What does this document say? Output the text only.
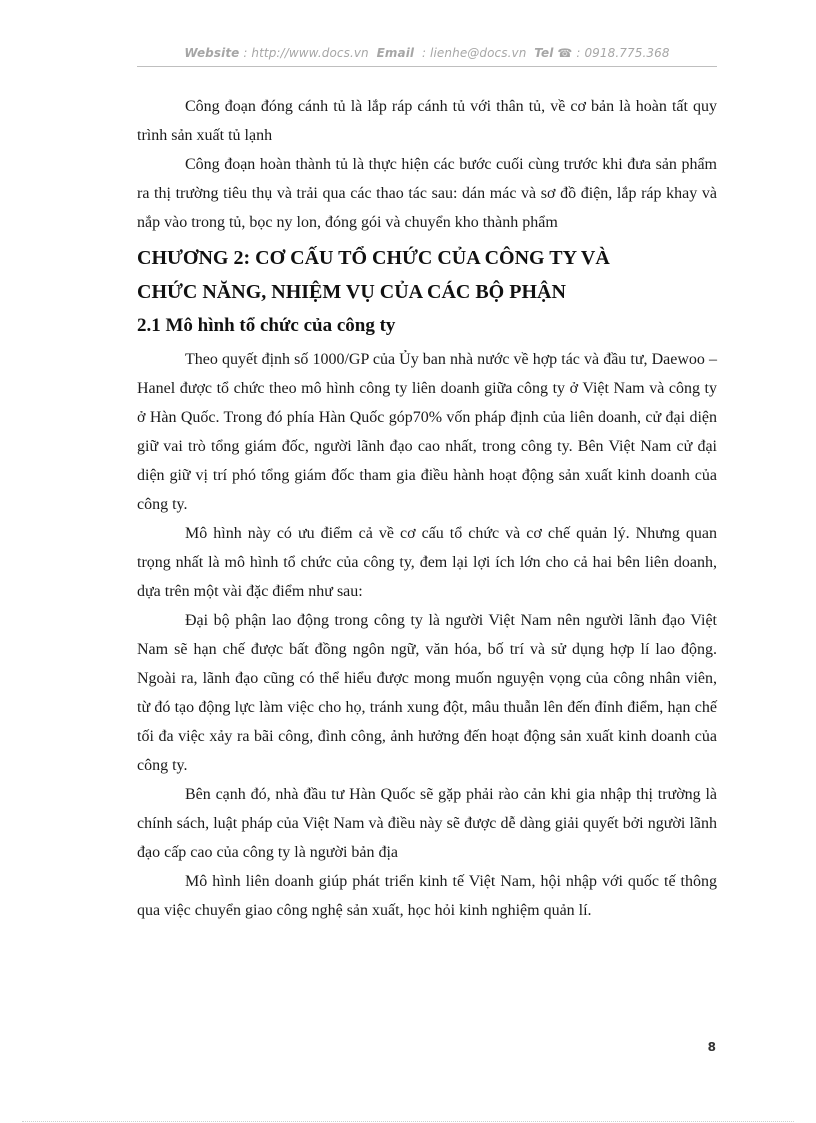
Website : http://www.docs.vn Email : lienhe@docs.vn Tel ☎ : 0918.775.368

Công đoạn đóng cánh tủ là lắp ráp cánh tủ với thân tủ, về cơ bản là hoàn tất quy trình sản xuất tủ lạnh

Công đoạn hoàn thành tủ là thực hiện các bước cuối cùng trước khi đưa sản phẩm ra thị trường tiêu thụ và trải qua các thao tác sau: dán mác và sơ đồ điện, lắp ráp khay và nắp vào trong tủ, bọc ny lon, đóng gói và chuyển kho thành phẩm

CHƯƠNG 2: CƠ CẤU TỔ CHỨC CỦA CÔNG TY VÀ
CHỨC NĂNG, NHIỆM VỤ CỦA CÁC BỘ PHẬN
2.1 Mô hình tổ chức của công ty

Theo quyết định số 1000/GP của Ủy ban nhà nước về hợp tác và đầu tư, Daewoo – Hanel được tổ chức theo mô hình công ty liên doanh giữa công ty ở Việt Nam và công ty ở Hàn Quốc. Trong đó phía Hàn Quốc góp70% vốn pháp định của liên doanh, cử đại diện giữ vai trò tổng giám đốc, người lãnh đạo cao nhất, trong công ty. Bên Việt Nam cử đại diện giữ vị trí phó tổng giám đốc tham gia điều hành hoạt động sản xuất kinh doanh của công ty.

Mô hình này có ưu điểm cả về cơ cấu tổ chức và cơ chế quản lý. Nhưng quan trọng nhất là mô hình tổ chức của công ty, đem lại lợi ích lớn cho cả hai bên liên doanh, dựa trên một vài đặc điểm như sau:

Đại bộ phận lao động trong công ty là người Việt Nam nên người lãnh đạo Việt Nam sẽ hạn chế được bất đồng ngôn ngữ, văn hóa, bố trí và sử dụng hợp lí lao động. Ngoài ra, lãnh đạo cũng có thể hiểu được mong muốn nguyện vọng của công nhân viên, từ đó tạo động lực làm việc cho họ, tránh xung đột, mâu thuẫn lên đến đỉnh điểm, hạn chế tối đa việc xảy ra bãi công, đình công, ảnh hưởng đến hoạt động sản xuất kinh doanh của công ty.

Bên cạnh đó, nhà đầu tư Hàn Quốc sẽ gặp phải rào cản khi gia nhập thị trường là chính sách, luật pháp của Việt Nam và điều này sẽ được dễ dàng giải quyết bởi người lãnh đạo cấp cao của công ty là người bản địa

Mô hình liên doanh giúp phát triển kinh tế Việt Nam, hội nhập với quốc tế thông qua việc chuyển giao công nghệ sản xuất, học hỏi kinh nghiệm quản lí.

8
